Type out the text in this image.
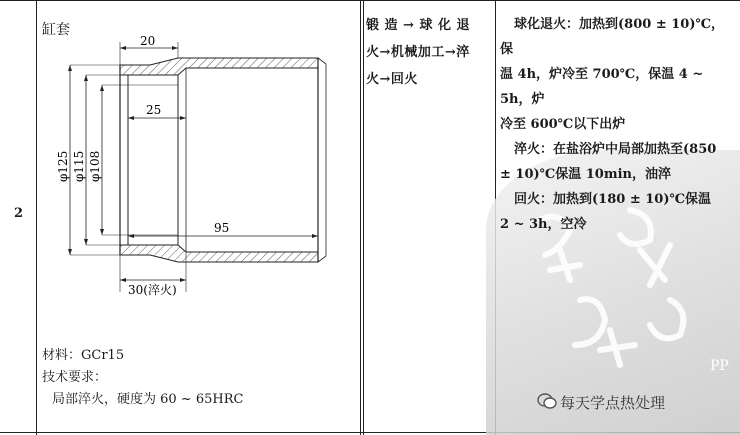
2
缸套
20
25
95
30(淬火)
φ125 φ115 φ108
材料：GCr15
技术要求：
局部淬火，硬度为 60 ~ 65HRC
锻 造 → 球 化 退
火→机械加工→淬
火→回火
PP

球化退火：加热到(800 ± 10)℃，保

温 4h，炉冷至 700℃，保温 4 ~ 5h，炉

冷至 600℃以下出炉

淬火：在盐浴炉中局部加热至(850

± 10)℃保温 10min，油淬

回火：加热到(180 ± 10)℃保温

2 ~ 3h，空冷

每天学点热处理
